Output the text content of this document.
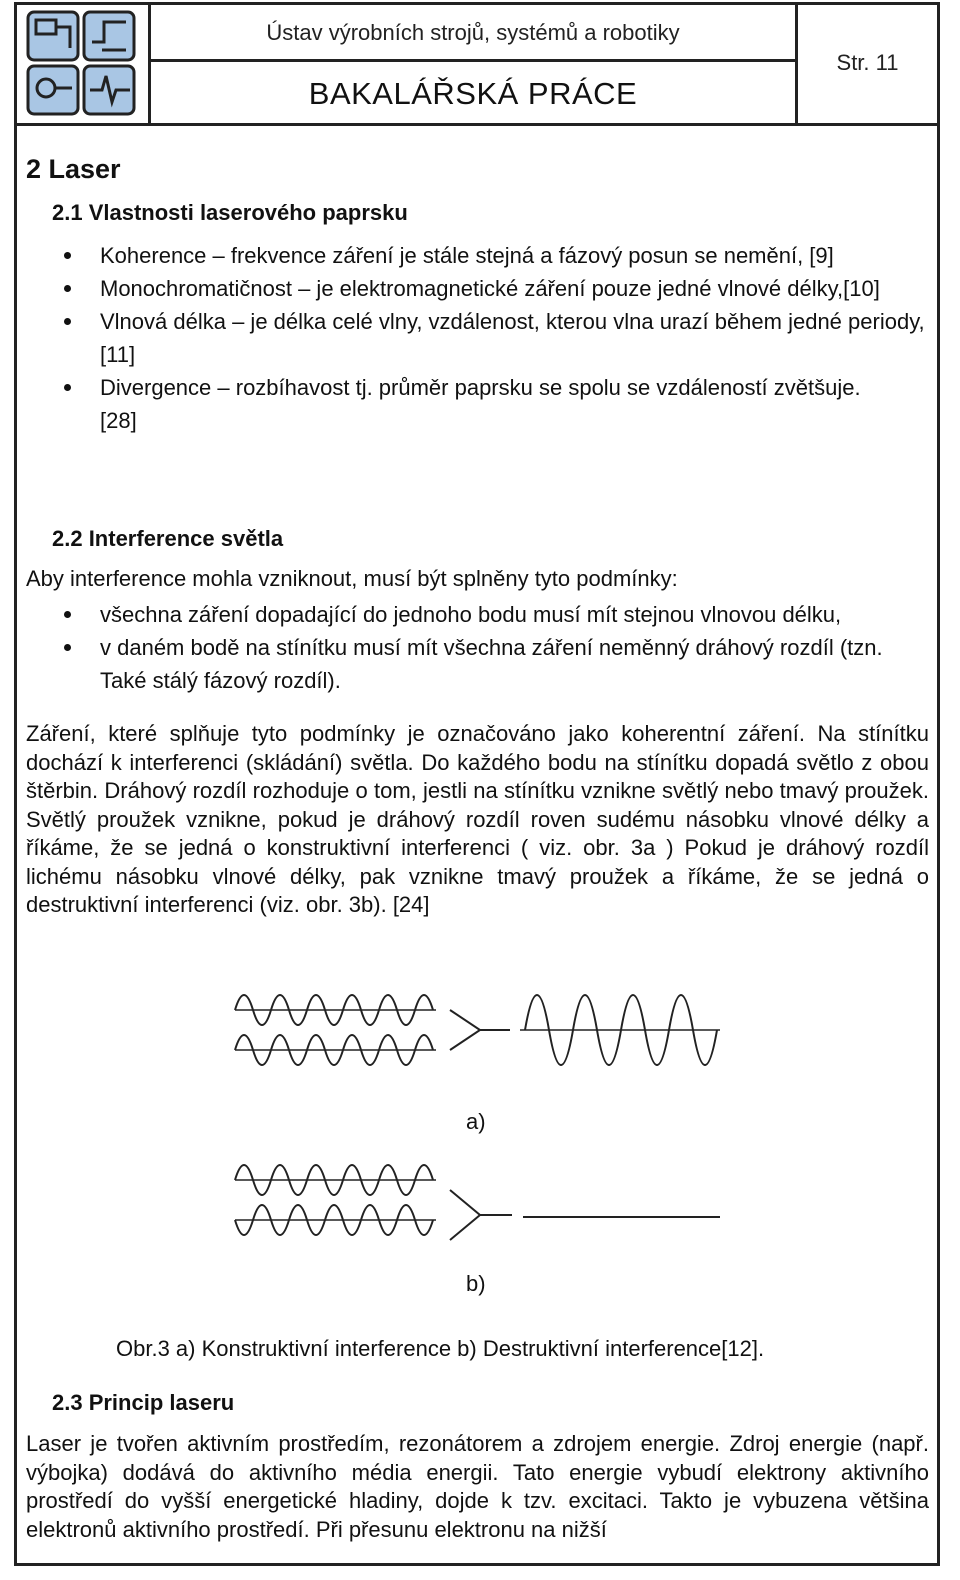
Ústav výrobních strojů, systémů a robotiky
BAKALÁŘSKÁ PRÁCE
Str. 11
2 Laser
2.1 Vlastnosti laserového paprsku
Koherence – frekvence záření je stále stejná a fázový posun se nemění, [9]
Monochromatičnost – je elektromagnetické záření pouze jedné vlnové délky,[10]
Vlnová délka – je délka celé vlny, vzdálenost, kterou vlna urazí během jedné periody, [11]
Divergence – rozbíhavost tj. průměr paprsku se spolu se vzdáleností zvětšuje.[28]
2.2 Interference světla

Aby interference mohla vzniknout, musí být splněny tyto podmínky:

všechna záření dopadající do jednoho bodu musí mít stejnou vlnovou délku,
v daném bodě na stínítku musí mít všechna záření neměnný dráhový rozdíl (tzn. Také stálý fázový rozdíl).

Záření, které splňuje tyto podmínky je označováno jako koherentní záření. Na stínítku dochází k interferenci (skládání) světla. Do každého bodu na stínítku dopadá světlo z obou štěrbin. Dráhový rozdíl rozhoduje o tom, jestli na stínítku vznikne světlý nebo tmavý proužek. Světlý proužek vznikne, pokud je dráhový rozdíl roven sudému násobku vlnové délky a říkáme, že se jedná o konstruktivní interferenci ( viz. obr. 3a ) Pokud je dráhový rozdíl lichému násobku vlnové délky, pak vznikne tmavý proužek a říkáme, že se jedná o destruktivní interferenci (viz. obr. 3b). [24]

2.3 Princip laseru

Laser je tvořen aktivním prostředím, rezonátorem a zdrojem energie. Zdroj energie (např. výbojka) dodává do aktivního média energii. Tato energie vybudí elektrony aktivního prostředí do vyšší energetické hladiny, dojde k tzv. excitaci. Takto je vybuzena většina elektronů aktivního prostředí. Při přesunu elektronu na nižší

a)
b)
Obr.3 a) Konstruktivní interference b) Destruktivní interference[12].
